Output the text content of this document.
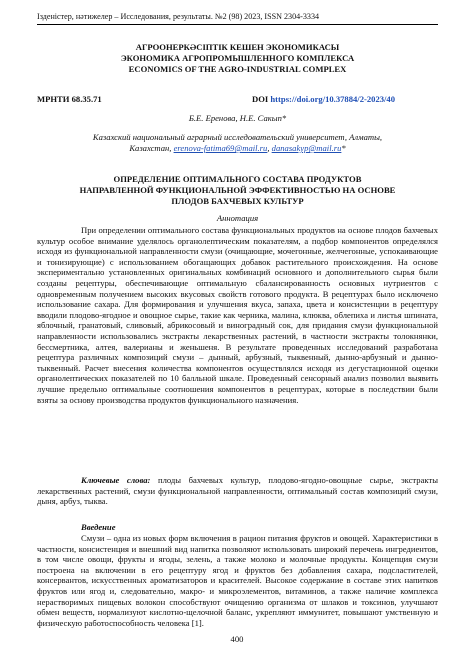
Ізденістер, нәтижелер – Исследования, результаты. №2 (98) 2023, ISSN 2304-3334
АГРООНЕРКӘСІПТІК КЕШЕН ЭКОНОМИКАСЫ
ЭКОНОМИКА АГРОПРОМЫШЛЕННОГО КОМПЛЕКСА
ECONOMICS OF THE AGRO-INDUSTRIAL COMPLEX
МРНТИ 68.35.71	DOI https://doi.org/10.37884/2-2023/40
Б.Е. Еренова, Н.Е. Сакып*
Казахский национальный аграрный исследовательский университет, Алматы,
Казахстан, erenova-fatima69@mail.ru, danasakyp@mail.ru*
ОПРЕДЕЛЕНИЕ ОПТИМАЛЬНОГО СОСТАВА ПРОДУКТОВ
НАПРАВЛЕННОЙ ФУНКЦИОНАЛЬНОЙ ЭФФЕКТИВНОСТЬЮ НА ОСНОВЕ
ПЛОДОВ БАХЧЕВЫХ КУЛЬТУР
Аннотация

При определении оптимального состава функциональных продуктов на основе плодов бахчевых культур особое внимание уделялось органолептическим показателям, а подбор компонентов определялся исходя из функциональной направленности смузи (очищающие, мочегонные, желчегонные, успокаивающие и тонизирующие) с использованием обогащающих добавок растительного происхождения. На основе экспериментально установленных оригинальных комбинаций основного и дополнительного сырья были созданы рецептуры, обеспечивающие оптимальную сбалансированность основных нутриентов с одновременным получением высоких вкусовых свойств готового продукта. В рецептурах было исключено использование сахара. Для формирования и улучшения вкуса, запаха, цвета и консистенции в рецептуру вводили плодово-ягодное и овощное сырье, такие как черника, малина, клюква, облепиха и листья шпината, яблочный, гранатовый, сливовый, абрикосовый и виноградный сок, для придания смузи функциональной направленности использовались экстракты лекарственных растений, в частности экстракты толокнянки, бессмертника, алтея, валерианы и женьшеня. В результате проведенных исследований разработана рецептура различных композиций смузи – дынный, арбузный, тыквенный, дынно-арбузный и дынно-тыквенный. Расчет внесения количества компонентов осуществлялся исходя из дегустационной оценки органолептических показателей по 10 балльной шкале. Проведенный сенсорный анализ позволил выявить лучшие предельно оптимальные соотношения компонентов в рецептурах, которые в последствии были взяты за основу производства продуктов функционального назначения.

Ключевые слова: плоды бахчевых культур, плодово-ягодно-овощные сырье, экстракты лекарственных растений, смузи функциональной направленности, оптимальный состав композиций смузи, дыня, арбуз, тыква.

Введение

Смузи – одна из новых форм включения в рацион питания фруктов и овощей. Характеристики в частности, консистенция и внешний вид напитка позволяют использовать широкий перечень ингредиентов, в том числе овощи, фрукты и ягоды, зелень, а также молоко и молочные продукты. Концепция смузи построена на включении в его рецептуру ягод и фруктов без добавления сахара, подсластителей, консервантов, искусственных ароматизаторов и красителей. Высокое содержание в составе этих напитков фруктов или ягод и, следовательно, макро- и микроэлементов, витаминов, а также наличие комплекса нерастворимых пищевых волокон способствуют очищению организма от шлаков и токсинов, улучшают обмен веществ, нормализуют кислотно-щелочной баланс, укрепляют иммунитет, повышают умственную и физическую работоспособность человека [1].

400
